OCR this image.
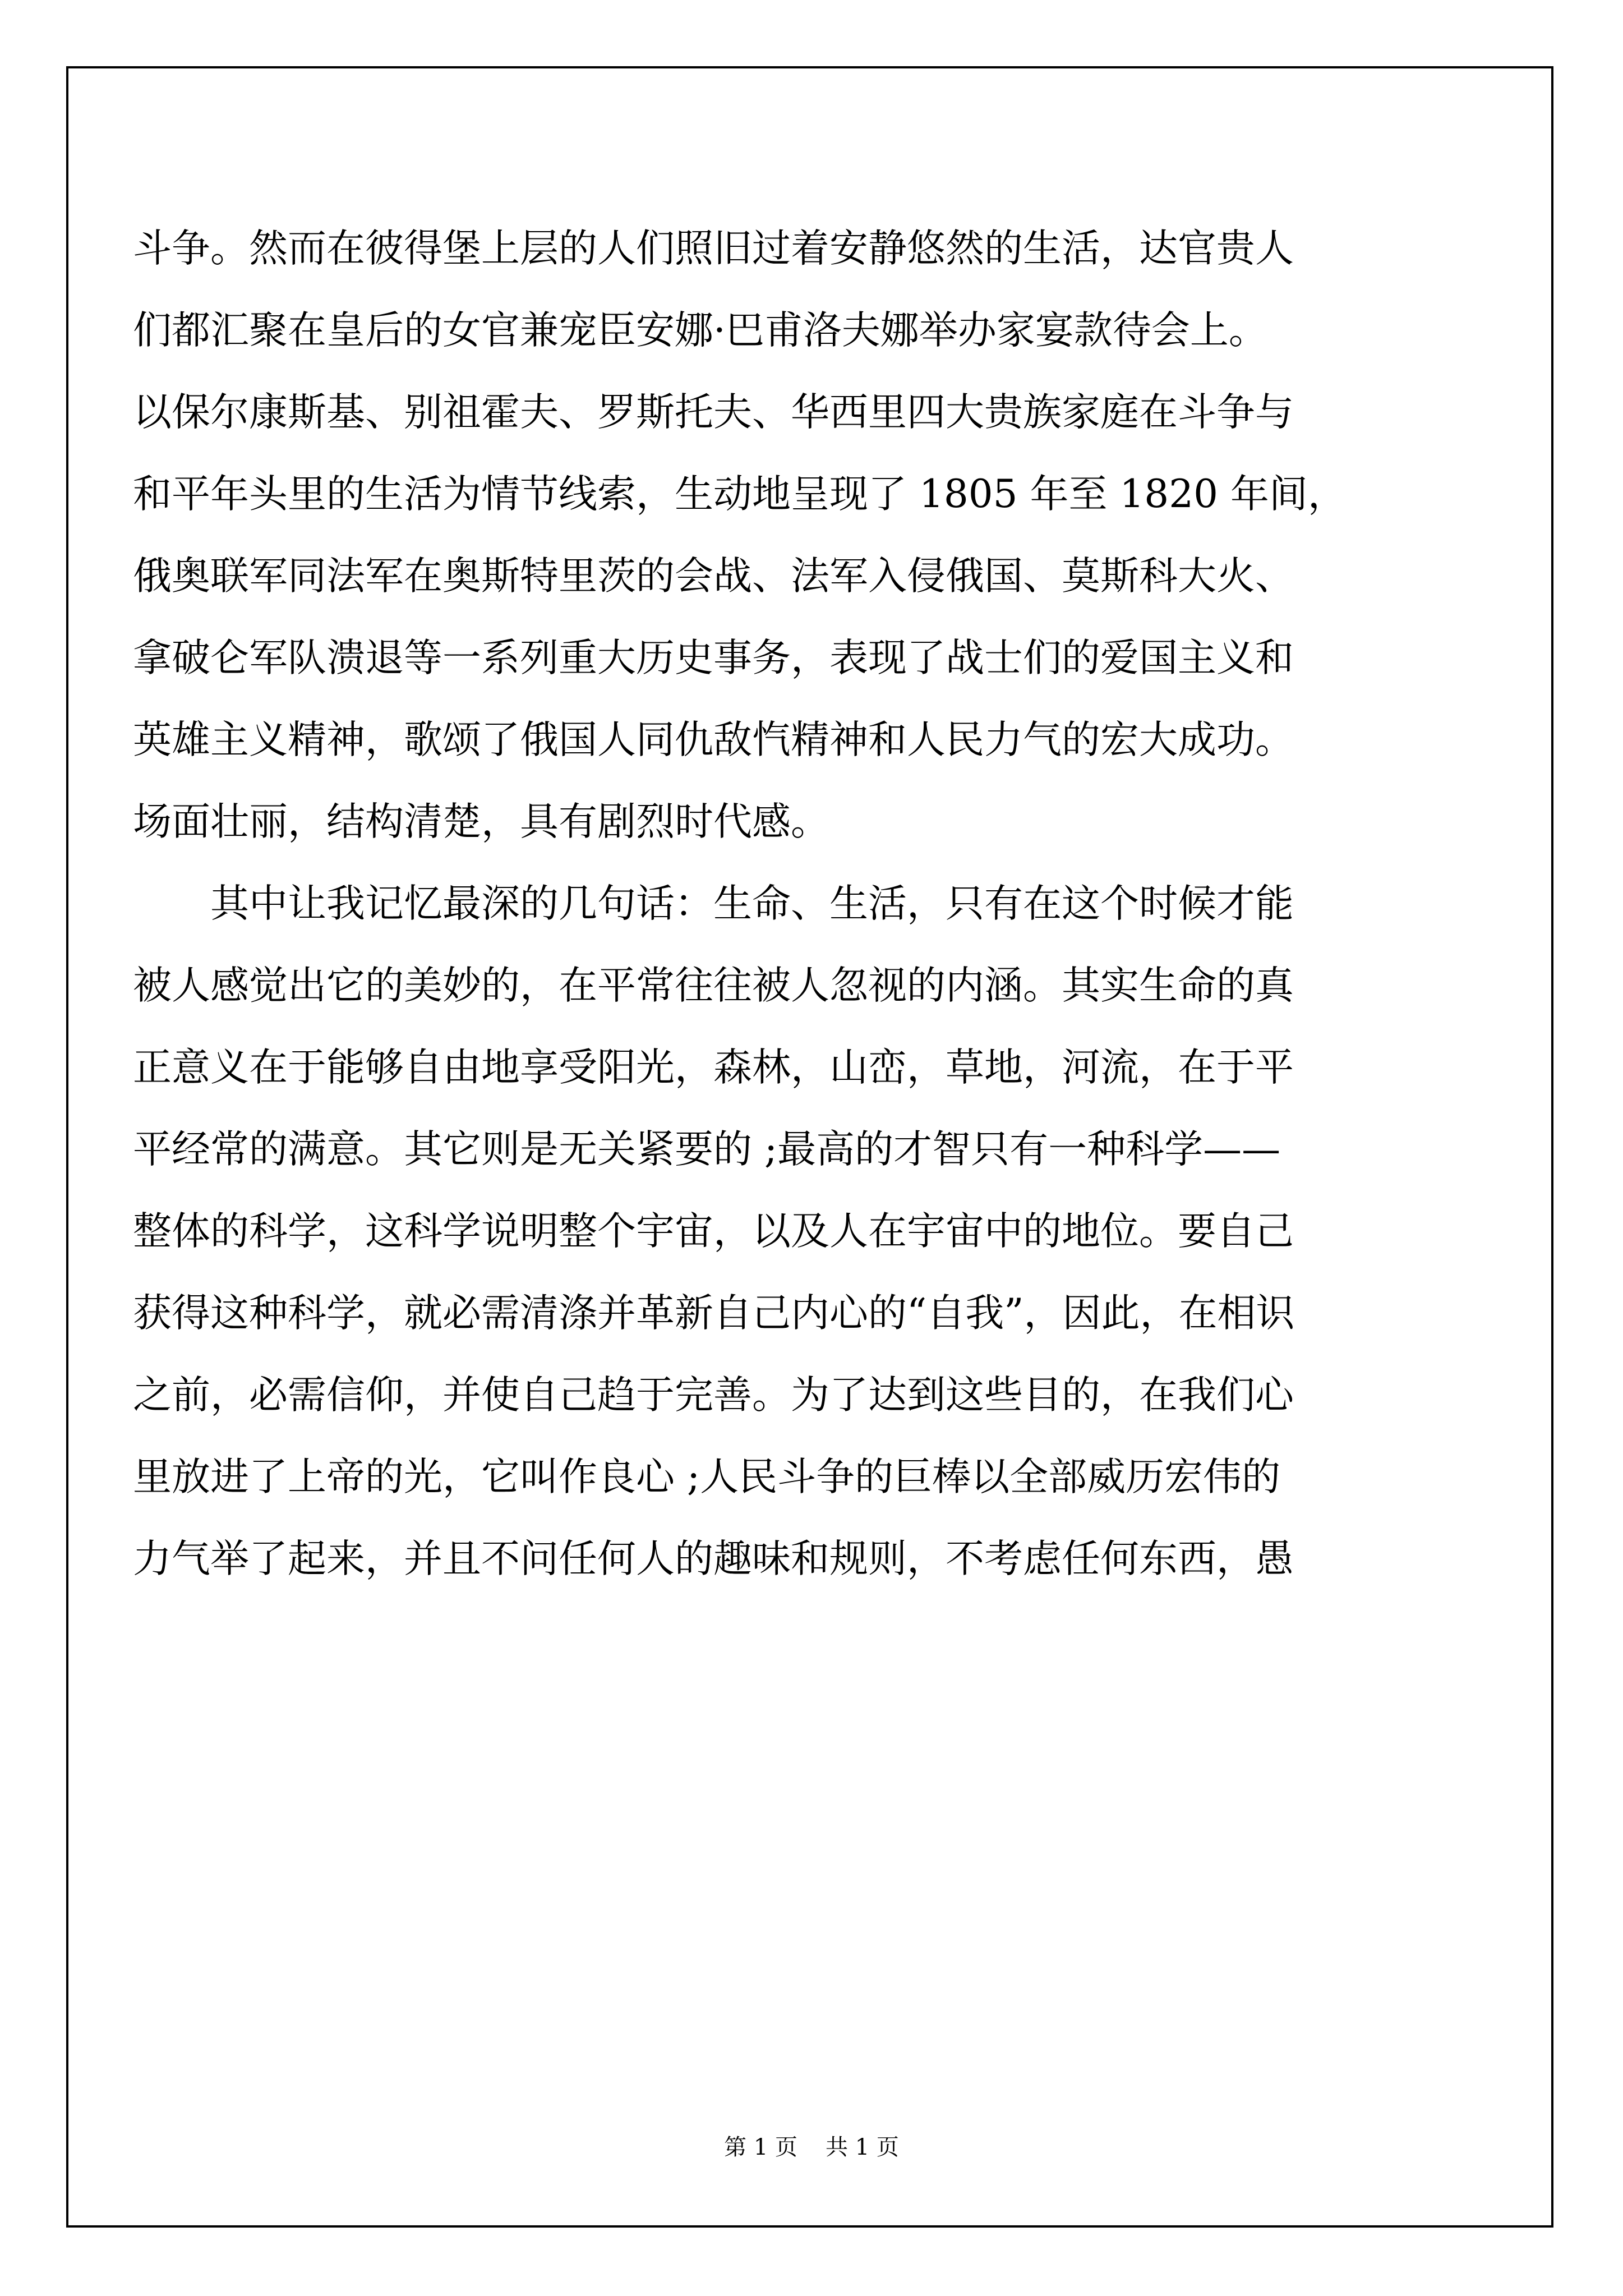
斗争。然而在彼得堡上层的人们照旧过着安静悠然的生活，达官贵人
们都汇聚在皇后的女官兼宠臣安娜·巴甫洛夫娜举办家宴款待会上。
以保尔康斯基、别祖霍夫、罗斯托夫、华西里四大贵族家庭在斗争与
和平年头里的生活为情节线索，生动地呈现了 1805 年至 1820 年间，
俄奥联军同法军在奥斯特里茨的会战、法军入侵俄国、莫斯科大火、
拿破仑军队溃退等一系列重大历史事务，表现了战士们的爱国主义和
英雄主义精神，歌颂了俄国人同仇敌忾精神和人民力气的宏大成功。
场面壮丽，结构清楚，具有剧烈时代感。
其中让我记忆最深的几句话：生命、生活，只有在这个时候才能
被人感觉出它的美妙的，在平常往往被人忽视的内涵。其实生命的真
正意义在于能够自由地享受阳光，森林，山峦，草地，河流，在于平
平经常的满意。其它则是无关紧要的 ;最高的才智只有一种科学——
整体的科学，这科学说明整个宇宙，以及人在宇宙中的地位。要自己
获得这种科学，就必需清涤并革新自己内心的“自我”，因此，在相识
之前，必需信仰，并使自己趋于完善。为了达到这些目的，在我们心
里放进了上帝的光，它叫作良心 ;人民斗争的巨棒以全部威历宏伟的
力气举了起来，并且不问任何人的趣味和规则，不考虑任何东西，愚
第 1 页 共 1 页
